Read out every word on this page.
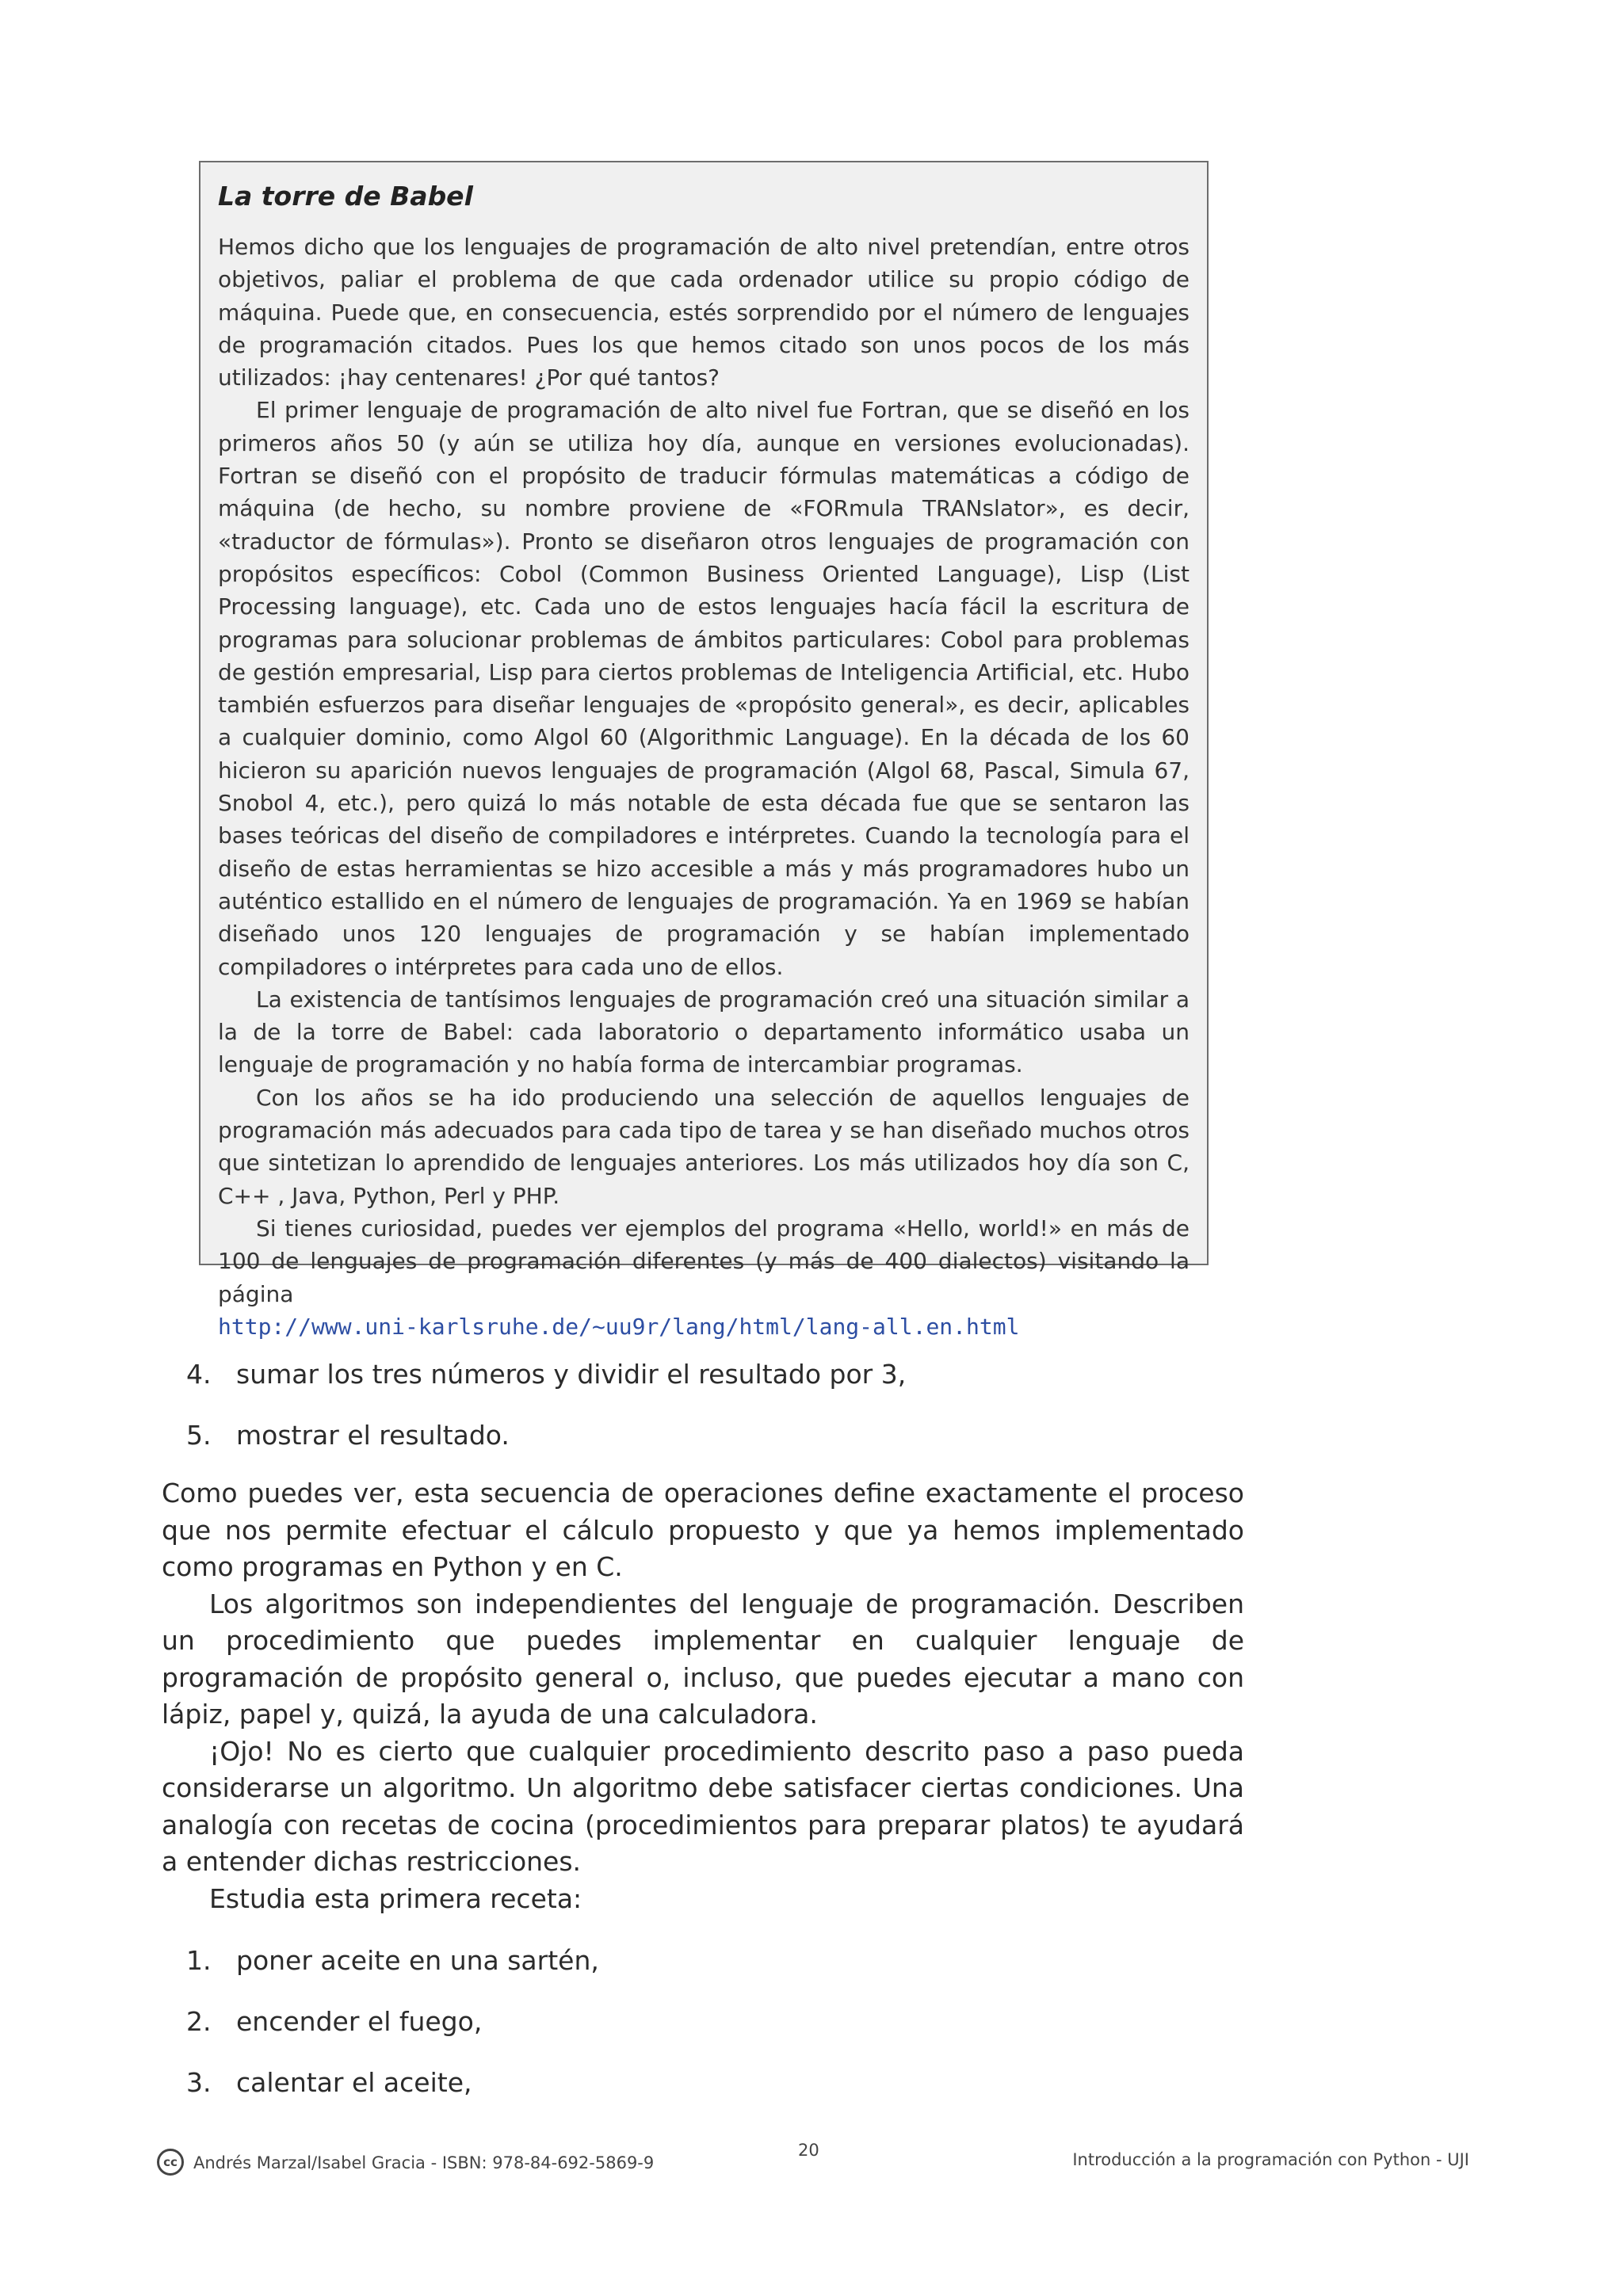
La torre de Babel

Hemos dicho que los lenguajes de programación de alto nivel pretendían, entre otros objetivos, paliar el problema de que cada ordenador utilice su propio código de máquina. Puede que, en consecuencia, estés sorprendido por el número de lenguajes de programación citados. Pues los que hemos citado son unos pocos de los más utilizados: ¡hay centenares! ¿Por qué tantos?

El primer lenguaje de programación de alto nivel fue Fortran, que se diseñó en los primeros años 50 (y aún se utiliza hoy día, aunque en versiones evolucionadas). Fortran se diseñó con el propósito de traducir fórmulas matemáticas a código de máquina (de hecho, su nombre proviene de «FORmula TRANslator», es decir, «traductor de fórmulas»). Pronto se diseñaron otros lenguajes de programación con propósitos específicos: Cobol (Common Business Oriented Language), Lisp (List Processing language), etc. Cada uno de estos lenguajes hacía fácil la escritura de programas para solucionar problemas de ámbitos particulares: Cobol para problemas de gestión empresarial, Lisp para ciertos problemas de Inteligencia Artificial, etc. Hubo también esfuerzos para diseñar lenguajes de «propósito general», es decir, aplicables a cualquier dominio, como Algol 60 (Algorithmic Language). En la década de los 60 hicieron su aparición nuevos lenguajes de programación (Algol 68, Pascal, Simula 67, Snobol 4, etc.), pero quizá lo más notable de esta década fue que se sentaron las bases teóricas del diseño de compiladores e intérpretes. Cuando la tecnología para el diseño de estas herramientas se hizo accesible a más y más programadores hubo un auténtico estallido en el número de lenguajes de programación. Ya en 1969 se habían diseñado unos 120 lenguajes de programación y se habían implementado compiladores o intérpretes para cada uno de ellos.

La existencia de tantísimos lenguajes de programación creó una situación similar a la de la torre de Babel: cada laboratorio o departamento informático usaba un lenguaje de programación y no había forma de intercambiar programas.

Con los años se ha ido produciendo una selección de aquellos lenguajes de programación más adecuados para cada tipo de tarea y se han diseñado muchos otros que sintetizan lo aprendido de lenguajes anteriores. Los más utilizados hoy día son C, C++ , Java, Python, Perl y PHP.

Si tienes curiosidad, puedes ver ejemplos del programa «Hello, world!» en más de 100 de lenguajes de programación diferentes (y más de 400 dialectos) visitando la página

http://www.uni-karlsruhe.de/~uu9r/lang/html/lang-all.en.html
4. sumar los tres números y dividir el resultado por 3,
5. mostrar el resultado.

Como puedes ver, esta secuencia de operaciones define exactamente el proceso que nos permite efectuar el cálculo propuesto y que ya hemos implementado como programas en Python y en C.

Los algoritmos son independientes del lenguaje de programación. Describen un procedimiento que puedes implementar en cualquier lenguaje de programación de propósito general o, incluso, que puedes ejecutar a mano con lápiz, papel y, quizá, la ayuda de una calculadora.

¡Ojo! No es cierto que cualquier procedimiento descrito paso a paso pueda considerarse un algoritmo. Un algoritmo debe satisfacer ciertas condiciones. Una analogía con recetas de cocina (procedimientos para preparar platos) te ayudará a entender dichas restricciones.

Estudia esta primera receta:

1. poner aceite en una sartén,
2. encender el fuego,
3. calentar el aceite,
cc Andrés Marzal/Isabel Gracia - ISBN: 978-84-692-5869-9
20	Introducción a la programación con Python - UJI
